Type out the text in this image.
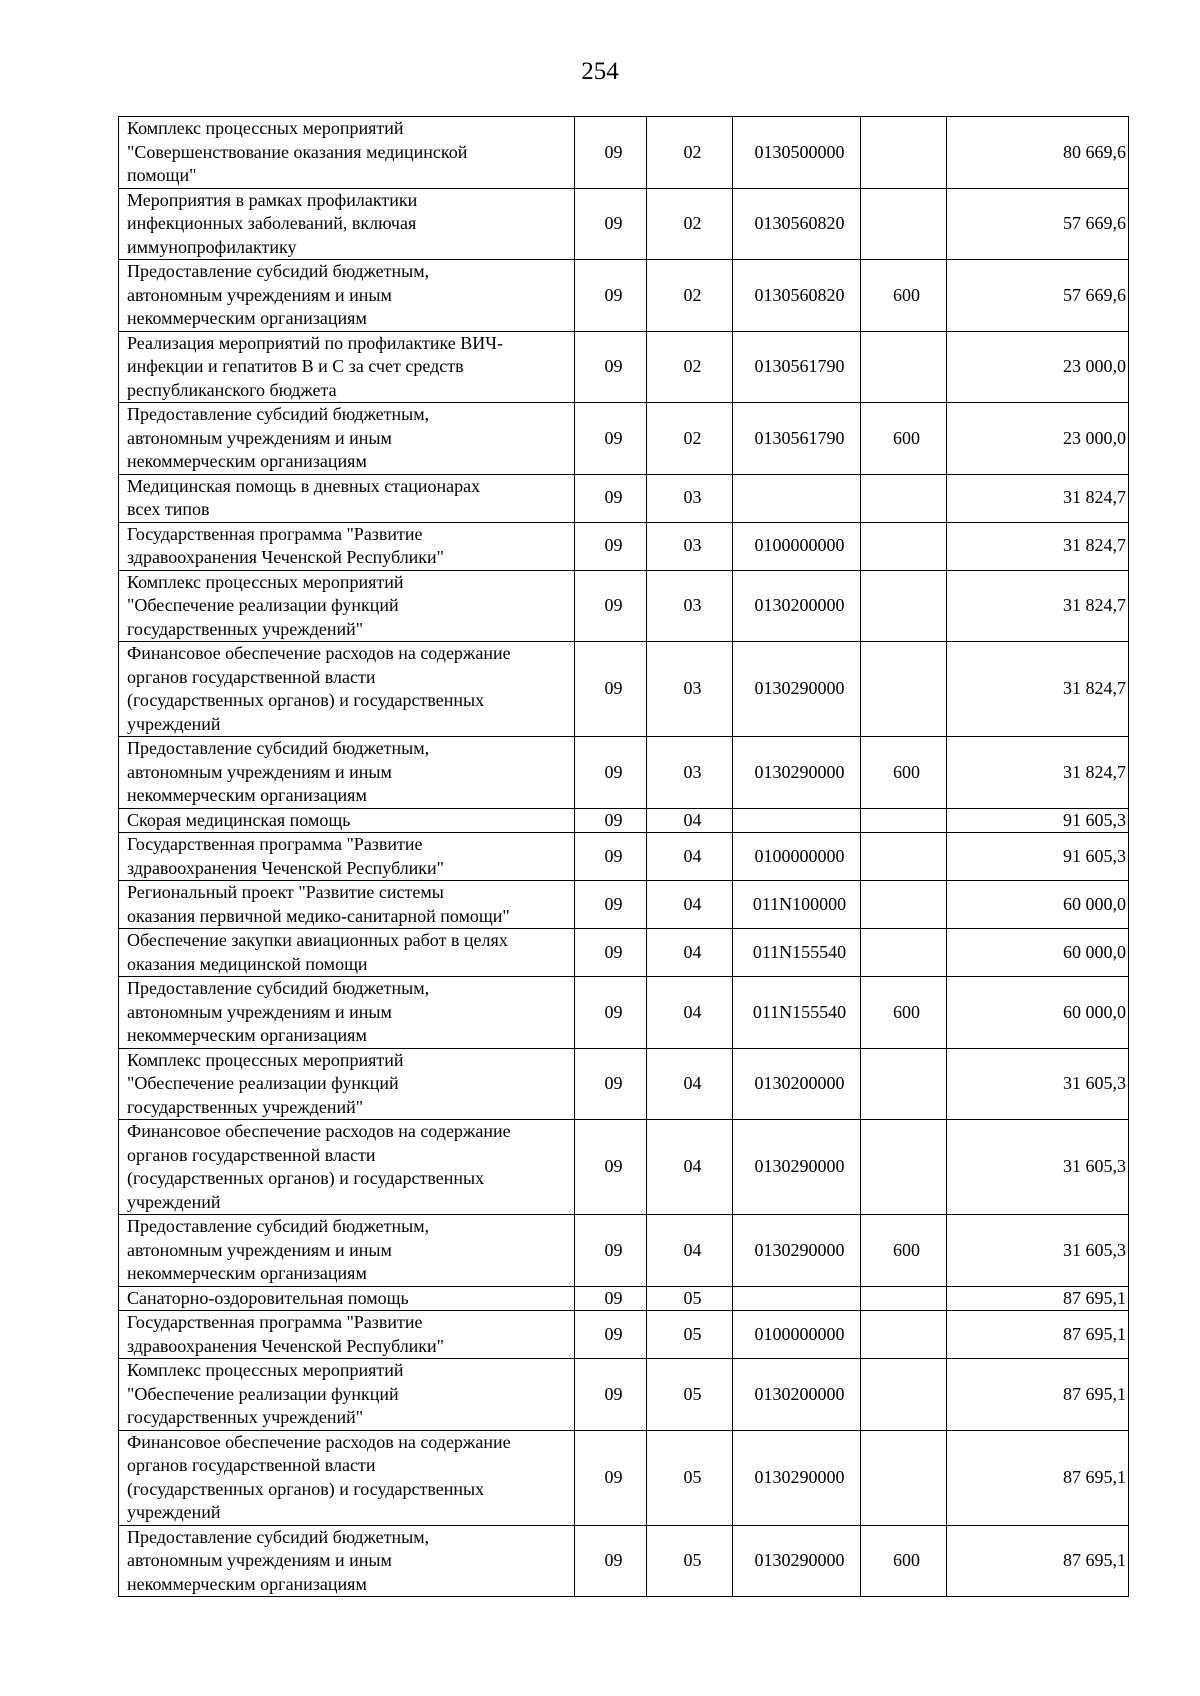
254
Комплекс процессных мероприятий
"Совершенствование оказания медицинской
помощи"	09	02	0130500000		80 669,6
Мероприятия в рамках профилактики
инфекционных заболеваний, включая
иммунопрофилактику	09	02	0130560820		57 669,6
Предоставление субсидий бюджетным,
автономным учреждениям и иным
некоммерческим организациям	09	02	0130560820	600	57 669,6
Реализация мероприятий по профилактике ВИЧ-
инфекции и гепатитов B и C за счет средств
республиканского бюджета	09	02	0130561790		23 000,0
Предоставление субсидий бюджетным,
автономным учреждениям и иным
некоммерческим организациям	09	02	0130561790	600	23 000,0
Медицинская помощь в дневных стационарах
всех типов	09	03			31 824,7
Государственная программа "Развитие
здравоохранения Чеченской Республики"	09	03	0100000000		31 824,7
Комплекс процессных мероприятий
"Обеспечение реализации функций
государственных учреждений"	09	03	0130200000		31 824,7
Финансовое обеспечение расходов на содержание
органов государственной власти
(государственных органов) и государственных
учреждений	09	03	0130290000		31 824,7
Предоставление субсидий бюджетным,
автономным учреждениям и иным
некоммерческим организациям	09	03	0130290000	600	31 824,7
Скорая медицинская помощь	09	04			91 605,3
Государственная программа "Развитие
здравоохранения Чеченской Республики"	09	04	0100000000		91 605,3
Региональный проект "Развитие системы
оказания первичной медико-санитарной помощи"	09	04	011N100000		60 000,0
Обеспечение закупки авиационных работ в целях
оказания медицинской помощи	09	04	011N155540		60 000,0
Предоставление субсидий бюджетным,
автономным учреждениям и иным
некоммерческим организациям	09	04	011N155540	600	60 000,0
Комплекс процессных мероприятий
"Обеспечение реализации функций
государственных учреждений"	09	04	0130200000		31 605,3
Финансовое обеспечение расходов на содержание
органов государственной власти
(государственных органов) и государственных
учреждений	09	04	0130290000		31 605,3
Предоставление субсидий бюджетным,
автономным учреждениям и иным
некоммерческим организациям	09	04	0130290000	600	31 605,3
Санаторно-оздоровительная помощь	09	05			87 695,1
Государственная программа "Развитие
здравоохранения Чеченской Республики"	09	05	0100000000		87 695,1
Комплекс процессных мероприятий
"Обеспечение реализации функций
государственных учреждений"	09	05	0130200000		87 695,1
Финансовое обеспечение расходов на содержание
органов государственной власти
(государственных органов) и государственных
учреждений	09	05	0130290000		87 695,1
Предоставление субсидий бюджетным,
автономным учреждениям и иным
некоммерческим организациям	09	05	0130290000	600	87 695,1
